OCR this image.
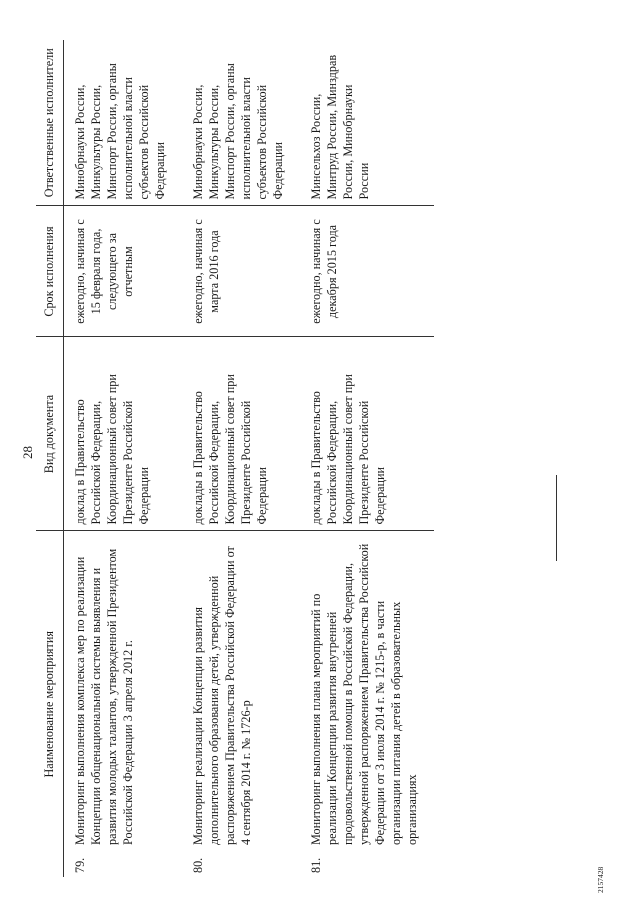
28
Наименование мероприятия	Вид документа	Срок исполнения	Ответственные исполнители
79.Мониторинг выполнения комплекса мер по реализации Концепции общенациональной системы выявления и развития молодых талантов, утвержденной Президентом Российской Федерации 3 апреля 2012 г.	доклад в Правительство Российской Федерации, Координационный совет при Президенте Российской Федерации	ежегодно, начиная с 15 февраля года, следующего за отчетным	Минобрнауки России, Минкультуры России, Минспорт России, органы исполнительной власти субъектов Российской Федерации
80.Мониторинг реализации Концепции развития дополнительного образования детей, утвержденной распоряжением Правительства Российской Федерации от 4 сентября 2014 г. № 1726-р	доклады в Правительство Российской Федерации, Координационный совет при Президенте Российской Федерации	ежегодно, начиная с марта 2016 года	Минобрнауки России, Минкультуры России, Минспорт России, органы исполнительной власти субъектов Российской Федерации
81.Мониторинг выполнения плана мероприятий по реализации Концепции развития внутренней продовольственной помощи в Российской Федерации, утвержденной распоряжением Правительства Российской Федерации от 3 июля 2014 г. № 1215-р, в части организации питания детей в образовательных организациях	доклады в Правительство Российской Федерации, Координационный совет при Президенте Российской Федерации	ежегодно, начиная с декабря 2015 года	Минсельхоз России, Минтруд России, Минздрав России, Минобрнауки России
2157428
